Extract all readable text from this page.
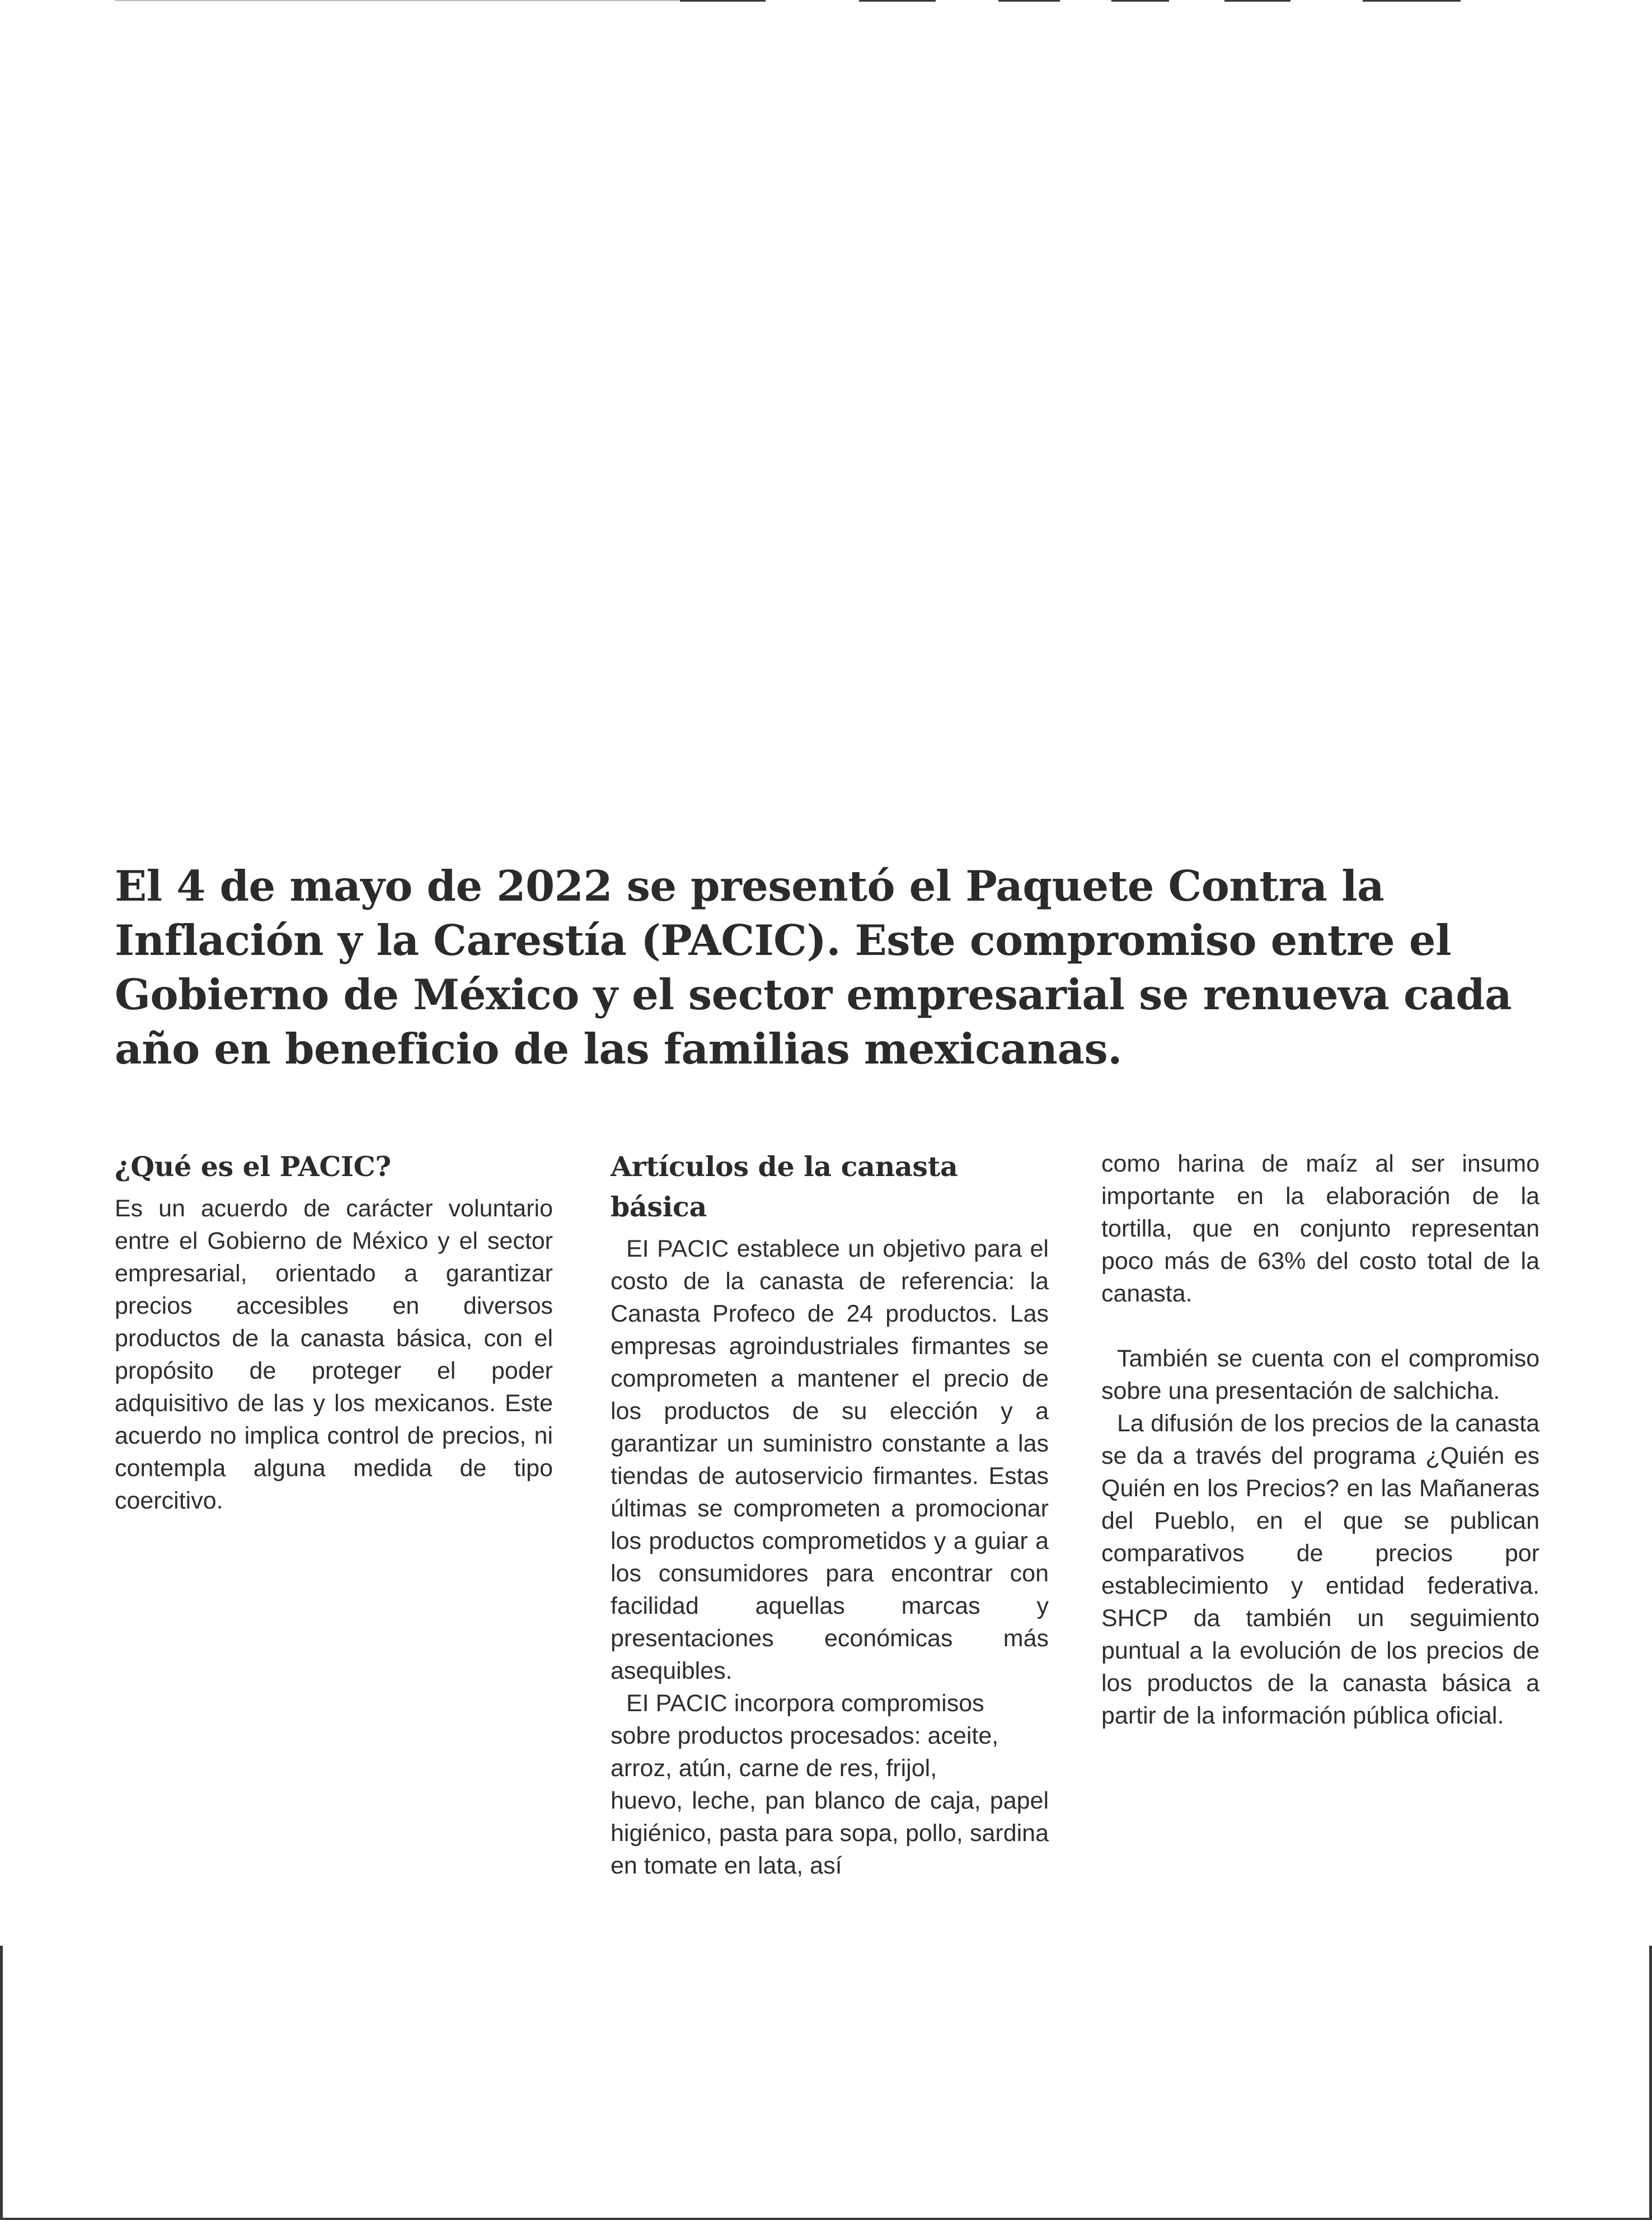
El 4 de mayo de 2022 se presentó el Paquete Contra la Inflación y la Carestía (PACIC). Este compromiso entre el Gobierno de México y el sector empresarial se renueva cada año en beneficio de las familias mexicanas.
¿Qué es el PACIC?

Es un acuerdo de carácter voluntario entre el Gobierno de México y el sector empresarial, orientado a garantizar precios accesibles en diversos productos de la canasta básica, con el propósito de proteger el poder adquisitivo de las y los mexicanos. Este acuerdo no implica control de precios, ni contempla alguna medida de tipo coercitivo.

Artículos de la canasta básica

EI PACIC establece un objetivo para el costo de la canasta de referencia: la Canasta Profeco de 24 productos. Las empresas agroindustriales firmantes se comprometen a mantener el precio de los productos de su elección y a garantizar un suministro constante a las tiendas de autoservicio firmantes. Estas últimas se comprometen a promocionar los productos comprometidos y a guiar a los consumidores para encontrar con facilidad aquellas marcas y presentaciones económicas más asequibles.

EI PACIC incorpora compromisos sobre productos procesados: aceite, arroz, atún, carne de res, frijol,

huevo, leche, pan blanco de caja, papel higiénico, pasta para sopa, pollo, sardina en tomate en lata, así

como harina de maíz al ser insumo importante en la elaboración de la tortilla, que en conjunto representan poco más de 63% del costo total de la canasta.

También se cuenta con el compromiso sobre una presentación de salchicha.

La difusión de los precios de la canasta se da a través del programa ¿Quién es Quién en los Precios? en las Mañaneras del Pueblo, en el que se publican comparativos de precios por establecimiento y entidad federativa. SHCP da también un seguimiento puntual a la evolución de los precios de los productos de la canasta básica a partir de la información pública oficial.
